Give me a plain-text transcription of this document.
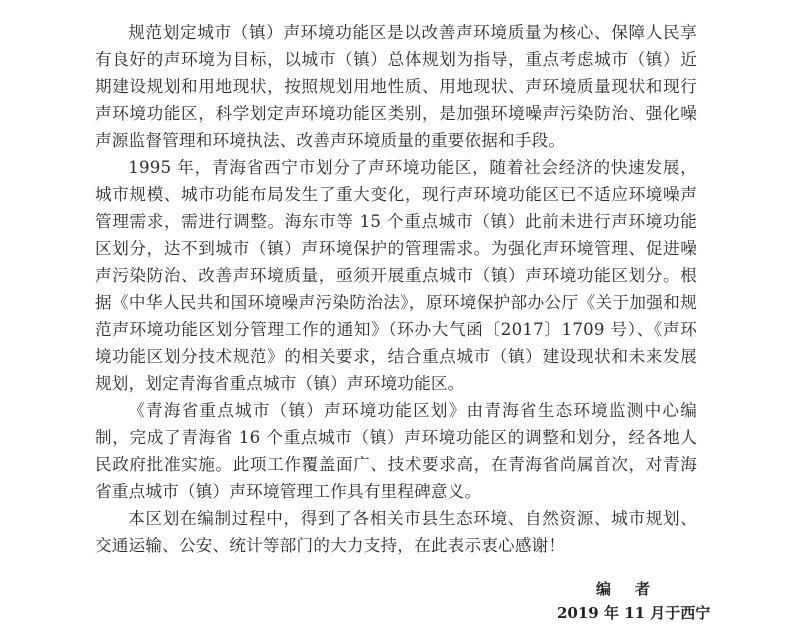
规范划定城市（镇）声环境功能区是以改善声环境质量为核心、保障人民享有良好的声环境为目标，以城市（镇）总体规划为指导，重点考虑城市（镇）近期建设规划和用地现状，按照规划用地性质、用地现状、声环境质量现状和现行声环境功能区，科学划定声环境功能区类别，是加强环境噪声污染防治、强化噪声源监督管理和环境执法、改善声环境质量的重要依据和手段。

1995 年，青海省西宁市划分了声环境功能区，随着社会经济的快速发展，城市规模、城市功能布局发生了重大变化，现行声环境功能区已不适应环境噪声管理需求，需进行调整。海东市等 15 个重点城市（镇）此前未进行声环境功能区划分，达不到城市（镇）声环境保护的管理需求。为强化声环境管理、促进噪声污染防治、改善声环境质量，亟须开展重点城市（镇）声环境功能区划分。根据《中华人民共和国环境噪声污染防治法》，原环境保护部办公厅《关于加强和规范声环境功能区划分管理工作的通知》（环办大气函〔2017〕1709 号）、《声环境功能区划分技术规范》的相关要求，结合重点城市（镇）建设现状和未来发展规划，划定青海省重点城市（镇）声环境功能区。

《青海省重点城市（镇）声环境功能区划》由青海省生态环境监测中心编制，完成了青海省 16 个重点城市（镇）声环境功能区的调整和划分，经各地人民政府批准实施。此项工作覆盖面广、技术要求高，在青海省尚属首次，对青海省重点城市（镇）声环境管理工作具有里程碑意义。

本区划在编制过程中，得到了各相关市县生态环境、自然资源、城市规划、交通运输、公安、统计等部门的大力支持，在此表示衷心感谢！

编者
2019 年 11 月于西宁
